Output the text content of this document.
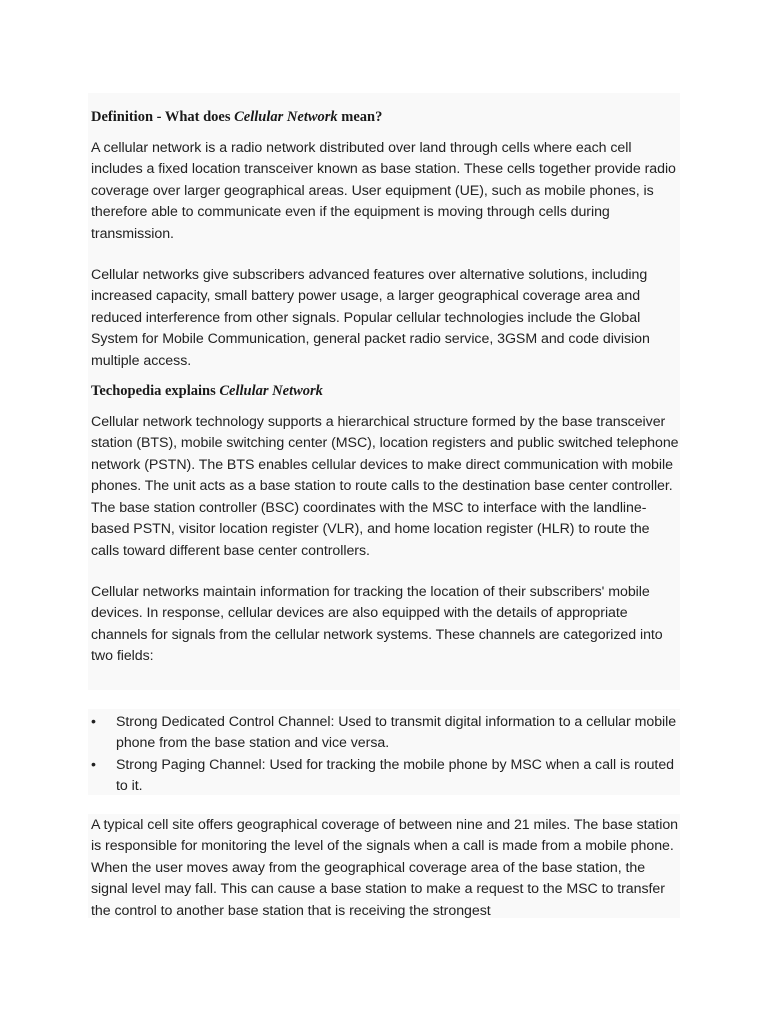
Definition - What does Cellular Network mean?

A cellular network is a radio network distributed over land through cells where each cell includes a fixed location transceiver known as base station. These cells together provide radio coverage over larger geographical areas. User equipment (UE), such as mobile phones, is therefore able to communicate even if the equipment is moving through cells during transmission.

Cellular networks give subscribers advanced features over alternative solutions, including increased capacity, small battery power usage, a larger geographical coverage area and reduced interference from other signals. Popular cellular technologies include the Global System for Mobile Communication, general packet radio service, 3GSM and code division multiple access.

Techopedia explains Cellular Network

Cellular network technology supports a hierarchical structure formed by the base transceiver station (BTS), mobile switching center (MSC), location registers and public switched telephone network (PSTN). The BTS enables cellular devices to make direct communication with mobile phones. The unit acts as a base station to route calls to the destination base center controller. The base station controller (BSC) coordinates with the MSC to interface with the landline-based PSTN, visitor location register (VLR), and home location register (HLR) to route the calls toward different base center controllers.

Cellular networks maintain information for tracking the location of their subscribers' mobile devices. In response, cellular devices are also equipped with the details of appropriate channels for signals from the cellular network systems. These channels are categorized into two fields:

• Strong Dedicated Control Channel: Used to transmit digital information to a cellular mobile phone from the base station and vice versa.
• Strong Paging Channel: Used for tracking the mobile phone by MSC when a call is routed to it.

A typical cell site offers geographical coverage of between nine and 21 miles. The base station is responsible for monitoring the level of the signals when a call is made from a mobile phone. When the user moves away from the geographical coverage area of the base station, the signal level may fall. This can cause a base station to make a request to the MSC to transfer the control to another base station that is receiving the strongest
